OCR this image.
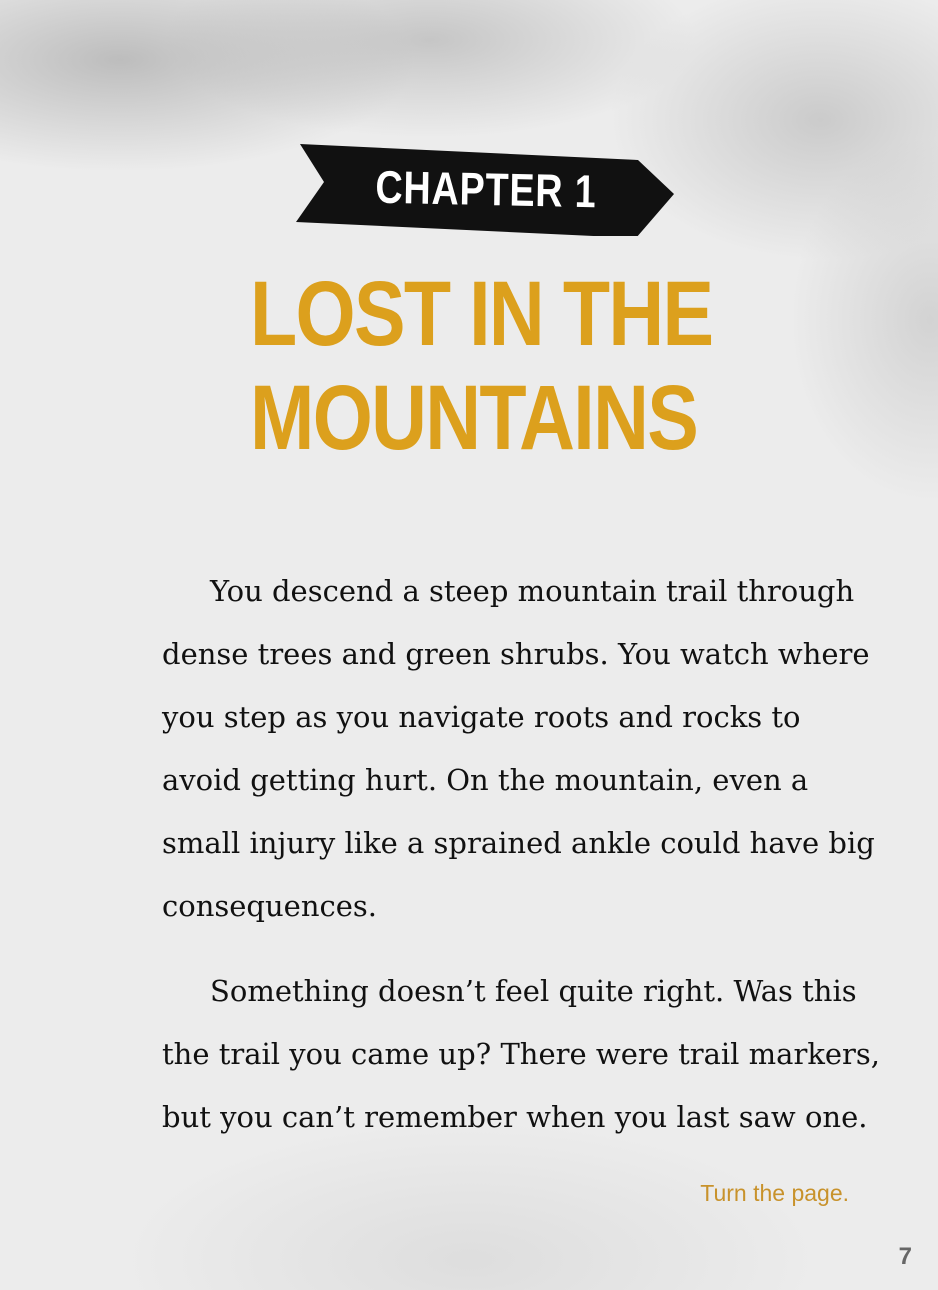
CHAPTER 1
LOST IN THE
MOUNTAINS
You descend a steep mountain trail through
dense trees and green shrubs. You watch where
you step as you navigate roots and rocks to
avoid getting hurt. On the mountain, even a
small injury like a sprained ankle could have big
consequences.
Something doesn’t feel quite right. Was this
the trail you came up? There were trail markers,
but you can’t remember when you last saw one.
Turn the page.
7
